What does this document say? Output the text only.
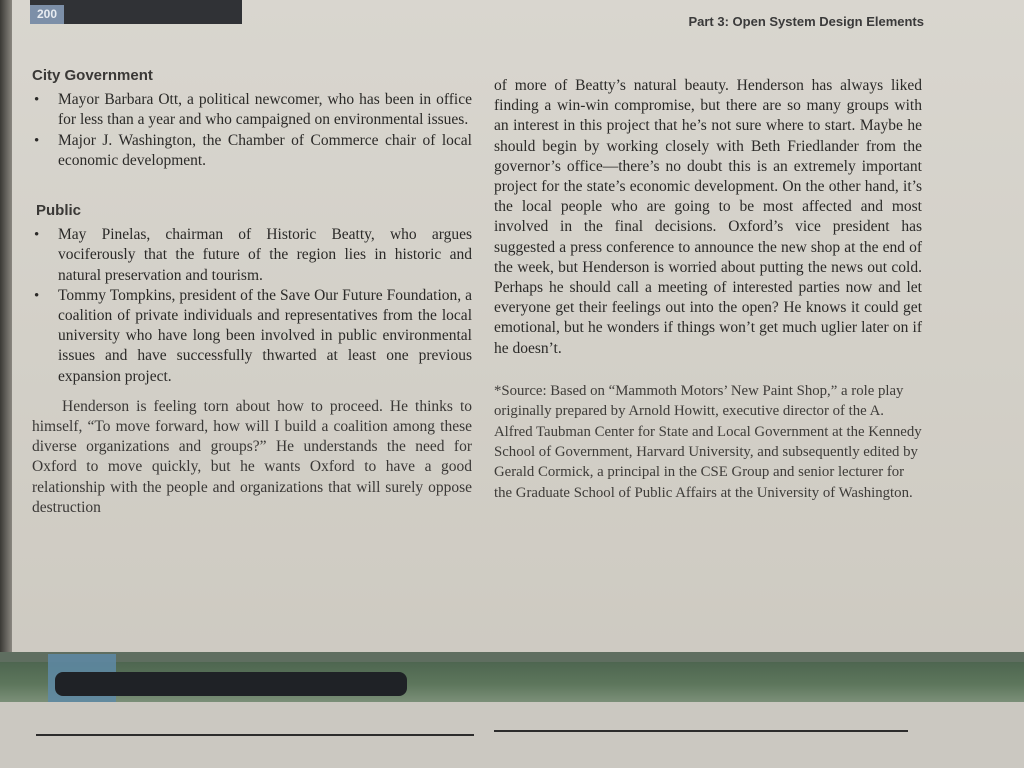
200	Part 3: Open System Design Elements
City Government
• Mayor Barbara Ott, a political newcomer, who has been in office for less than a year and who campaigned on environmental issues.
• Major J. Washington, the Chamber of Commerce chair of local economic development.
Public
• May Pinelas, chairman of Historic Beatty, who argues vociferously that the future of the region lies in historic and natural preservation and tourism.
• Tommy Tompkins, president of the Save Our Future Foundation, a coalition of private individuals and representatives from the local university who have long been involved in public environmental issues and have successfully thwarted at least one previous expansion project.

Henderson is feeling torn about how to proceed. He thinks to himself, “To move forward, how will I build a coalition among these diverse organizations and groups?” He understands the need for Oxford to move quickly, but he wants Oxford to have a good relationship with the people and organizations that will surely oppose destruction

of more of Beatty’s natural beauty. Henderson has always liked finding a win-win compromise, but there are so many groups with an interest in this project that he’s not sure where to start. Maybe he should begin by working closely with Beth Friedlander from the governor’s office—there’s no doubt this is an extremely important project for the state’s economic development. On the other hand, it’s the local people who are going to be most affected and most involved in the final decisions. Oxford’s vice president has suggested a press conference to announce the new shop at the end of the week, but Henderson is worried about putting the news out cold. Perhaps he should call a meeting of interested parties now and let everyone get their feelings out into the open? He knows it could get emotional, but he wonders if things won’t get much uglier later on if he doesn’t.

*Source: Based on “Mammoth Motors’ New Paint Shop,” a role play originally prepared by Arnold Howitt, executive director of the A. Alfred Taubman Center for State and Local Government at the Kennedy School of Government, Harvard University, and subsequently edited by Gerald Cormick, a principal in the CSE Group and senior lecturer for the Graduate School of Public Affairs at the University of Washington.
